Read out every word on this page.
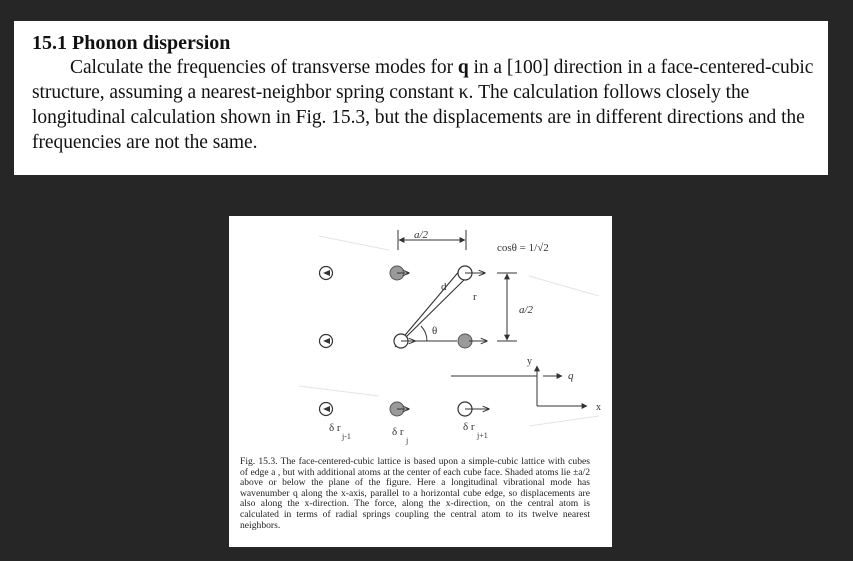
15.1 Phonon dispersion

Calculate the frequencies of transverse modes for q in a [100] direction in a face-centered-cubic structure, assuming a nearest-neighbor spring constant κ. The calculation follows closely the longitudinal calculation shown in Fig. 15.3, but the displacements are in different directions and the frequencies are not the same.

a/2
cosθ = 1/√2
θ
d
r
a/2
y
x
q
δ r
j-1	δ r
j
δ r
j+1

Fig. 15.3. The face-centered-cubic lattice is based upon a simple-cubic lattice with cubes of edge a , but with additional atoms at the center of each cube face. Shaded atoms lie ±a/2 above or below the plane of the figure. Here a longitudinal vibrational mode has wavenumber q along the x-axis, parallel to a horizontal cube edge, so displacements are also along the x-direction. The force, along the x-direction, on the central atom is calculated in terms of radial springs coupling the central atom to its twelve nearest neighbors.
